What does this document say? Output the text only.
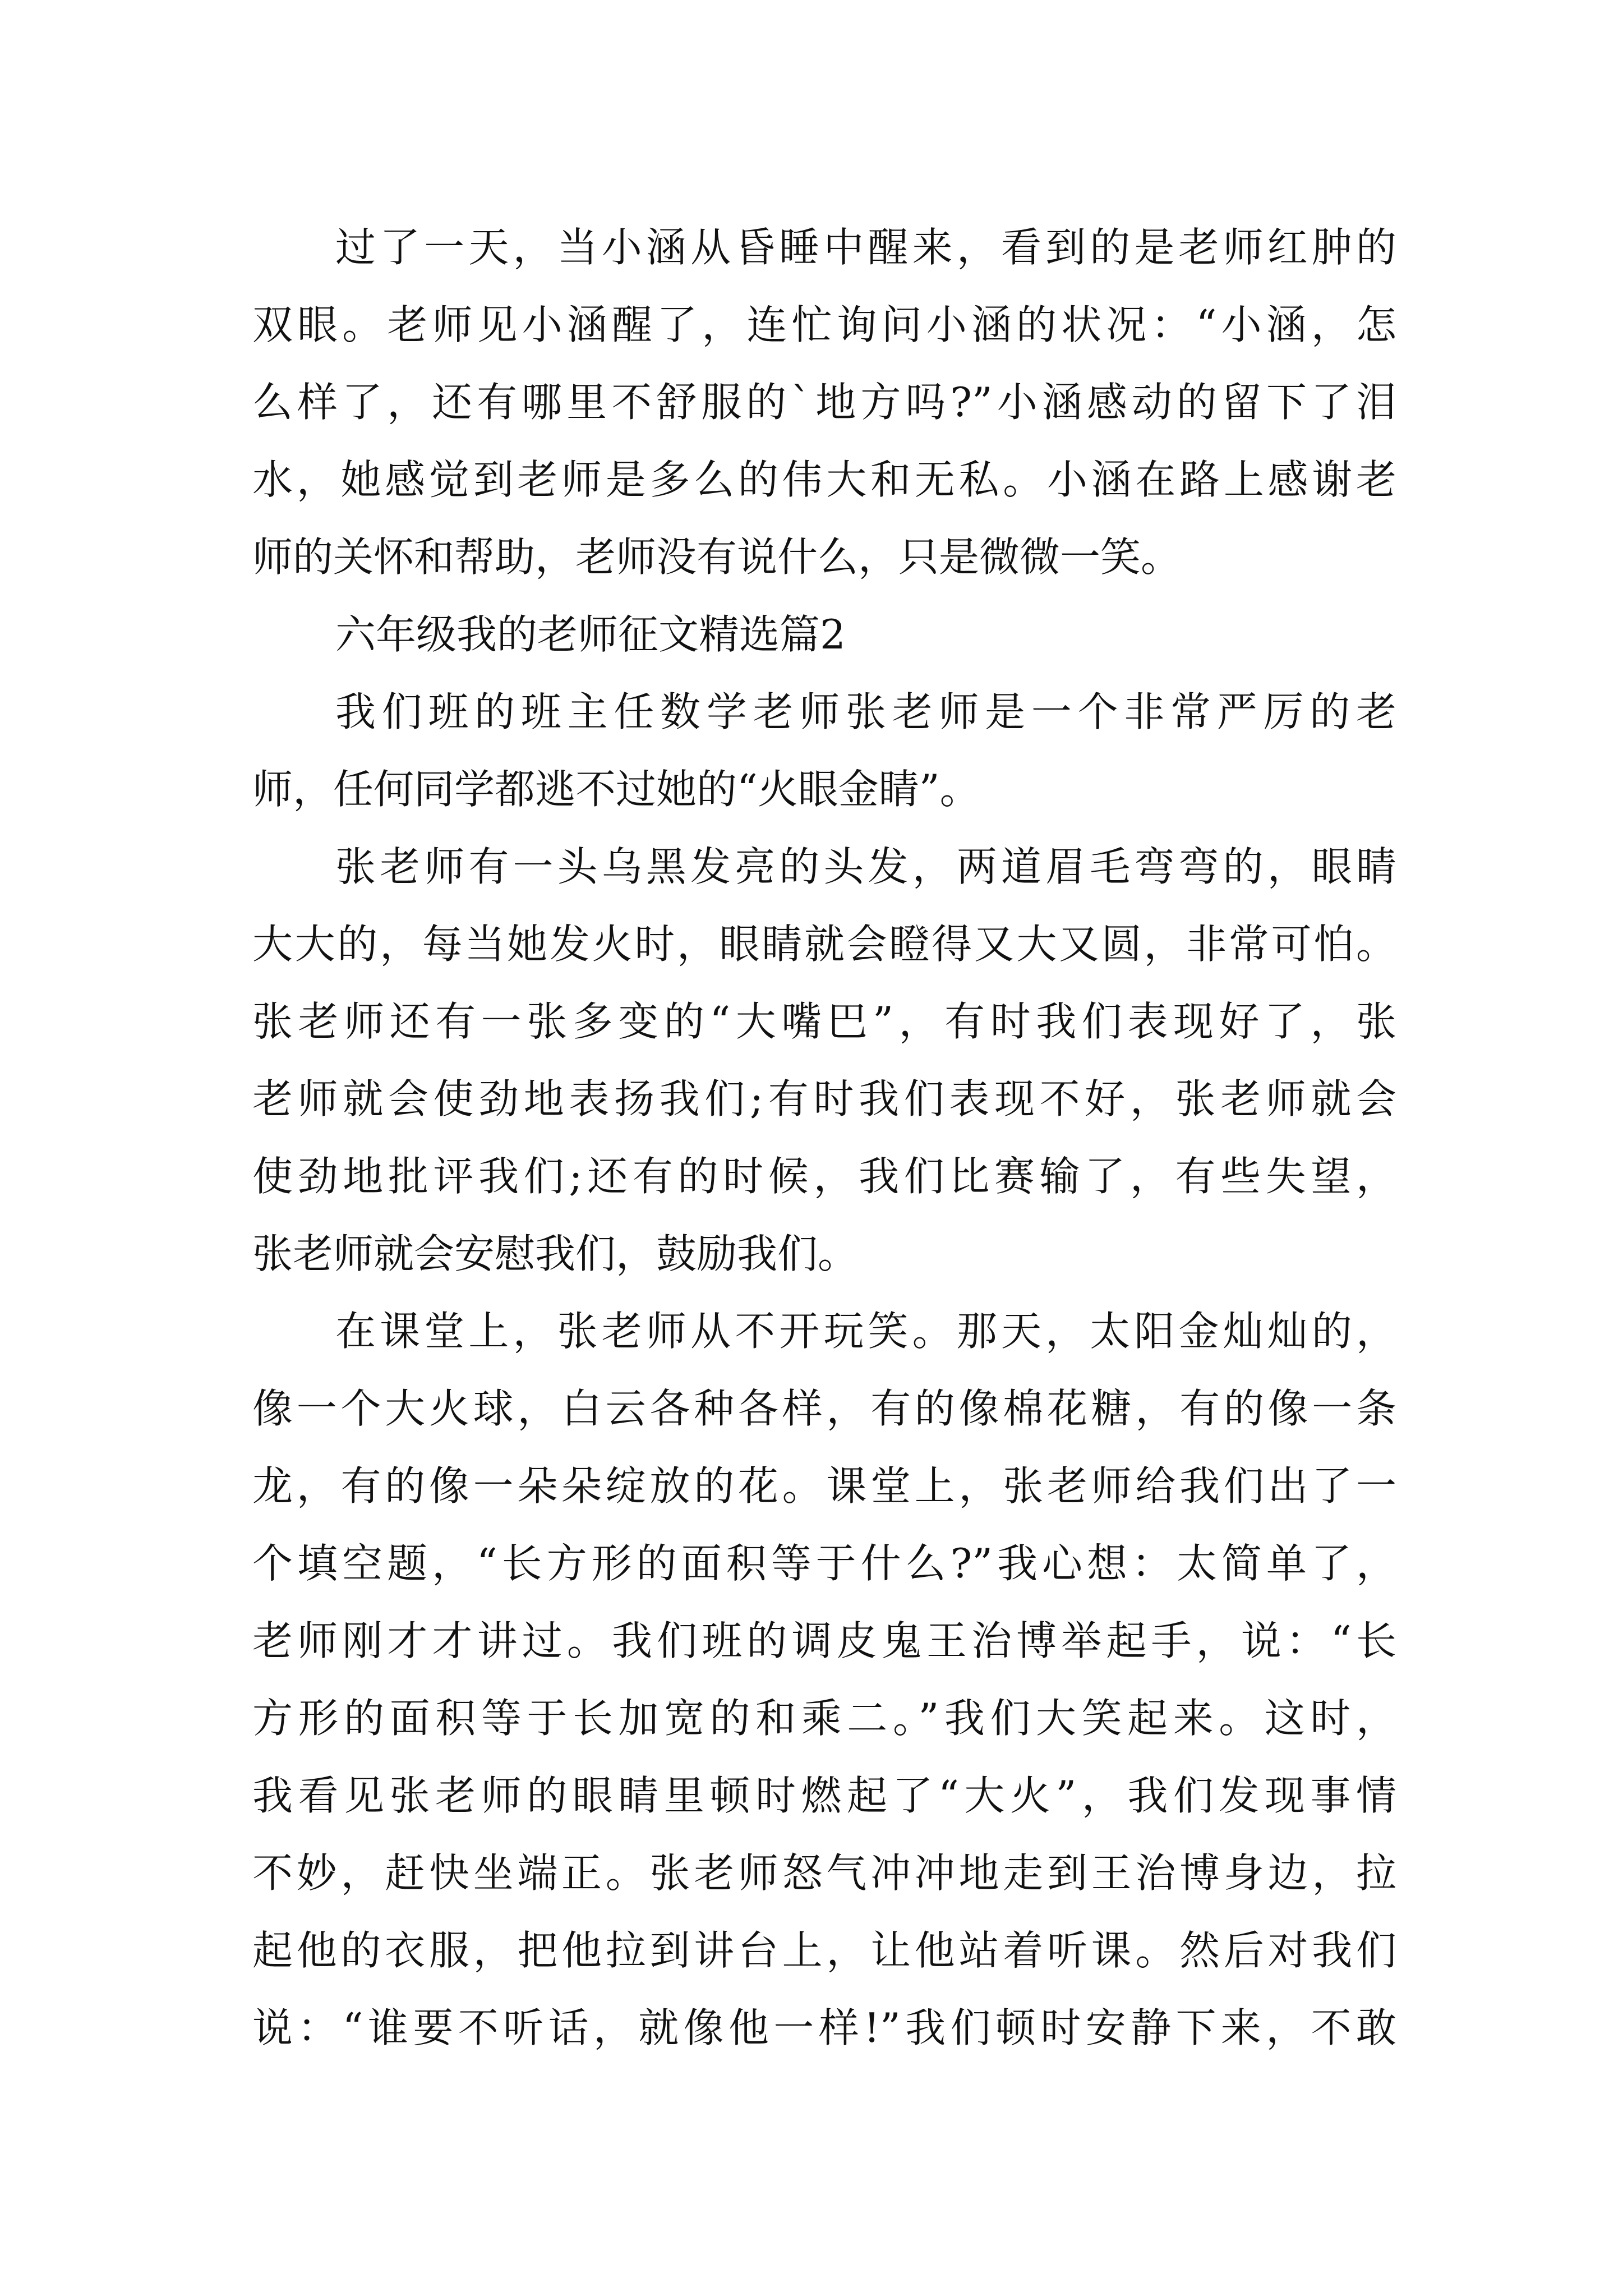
过了一天，当小涵从昏睡中醒来，看到的是老师红肿的
双眼。老师见小涵醒了，连忙询问小涵的状况：“小涵，怎
么样了，还有哪里不舒服的`地方吗?”小涵感动的留下了泪
水，她感觉到老师是多么的伟大和无私。小涵在路上感谢老
师的关怀和帮助，老师没有说什么，只是微微一笑。
六年级我的老师征文精选篇2
我们班的班主任数学老师张老师是一个非常严厉的老
师，任何同学都逃不过她的“火眼金睛”。
张老师有一头乌黑发亮的头发，两道眉毛弯弯的，眼睛
大大的，每当她发火时，眼睛就会瞪得又大又圆，非常可怕。
张老师还有一张多变的“大嘴巴”，有时我们表现好了，张
老师就会使劲地表扬我们;有时我们表现不好，张老师就会
使劲地批评我们;还有的时候，我们比赛输了，有些失望，
张老师就会安慰我们，鼓励我们。
在课堂上，张老师从不开玩笑。那天，太阳金灿灿的，
像一个大火球，白云各种各样，有的像棉花糖，有的像一条
龙，有的像一朵朵绽放的花。课堂上，张老师给我们出了一
个填空题，“长方形的面积等于什么?”我心想：太简单了，
老师刚才才讲过。我们班的调皮鬼王治博举起手，说：“长
方形的面积等于长加宽的和乘二。”我们大笑起来。这时，
我看见张老师的眼睛里顿时燃起了“大火”，我们发现事情
不妙，赶快坐端正。张老师怒气冲冲地走到王治博身边，拉
起他的衣服，把他拉到讲台上，让他站着听课。然后对我们
说：“谁要不听话，就像他一样!”我们顿时安静下来，不敢
